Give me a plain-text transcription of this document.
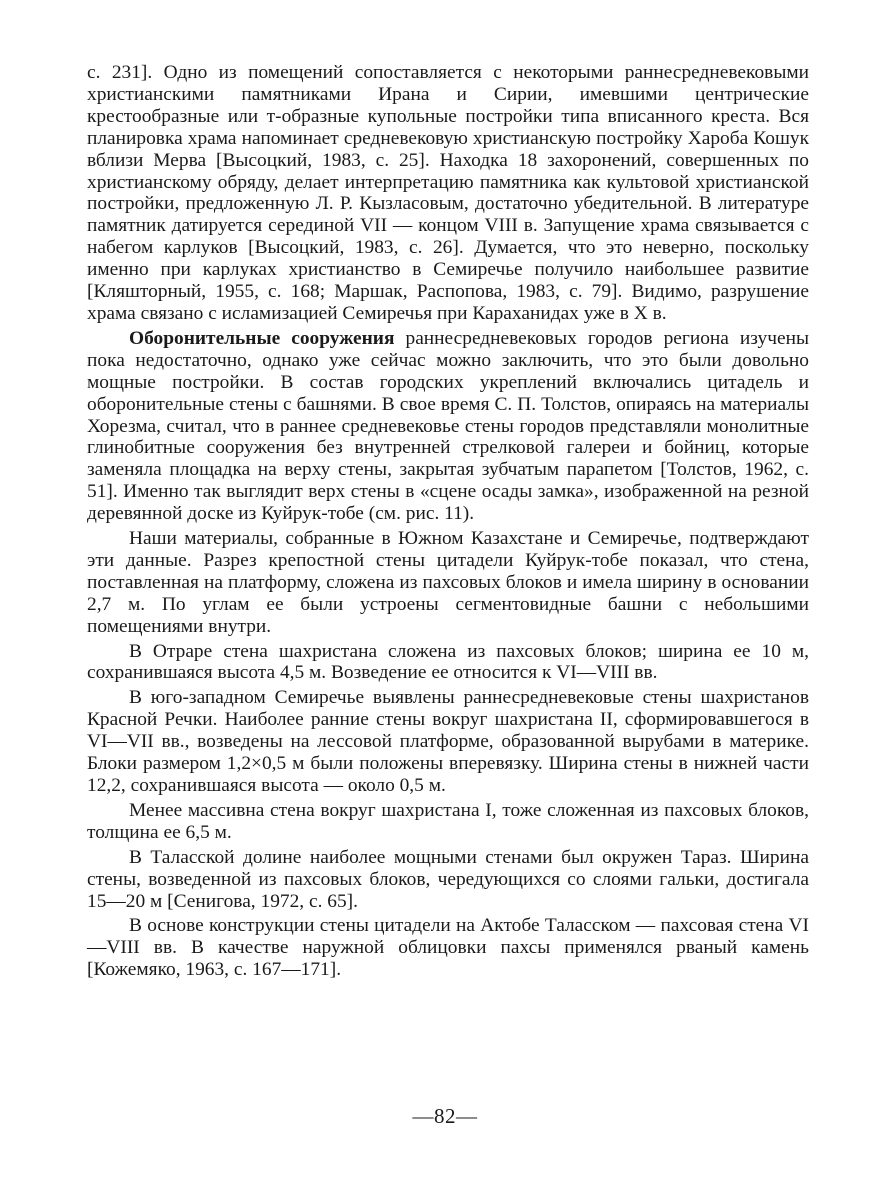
с. 231]. Одно из помещений сопоставляется с некоторыми раннесредневековыми христианскими памятниками Ирана и Сирии, имевшими центрические крестообразные или т-образные купольные постройки типа вписанного креста. Вся планировка храма напоминает средневековую христианскую постройку Хароба Кошук вблизи Мерва [Высоцкий, 1983, с. 25]. Находка 18 захоронений, совершенных по христианскому обряду, делает интерпретацию памятника как культовой христианской постройки, предложенную Л. Р. Кызласовым, достаточно убедительной. В литературе памятник датируется серединой VII — концом VIII в. Запущение храма связывается с набегом карлуков [Высоцкий, 1983, с. 26]. Думается, что это неверно, поскольку именно при карлуках христианство в Семиречье получило наибольшее развитие [Кляшторный, 1955, с. 168; Маршак, Распопова, 1983, с. 79]. Видимо, разрушение храма связано с исламизацией Семиречья при Караханидах уже в X в.

Оборонительные сооружения раннесредневековых городов региона изучены пока недостаточно, однако уже сейчас можно заключить, что это были довольно мощные постройки. В состав городских укреплений включались цитадель и оборонительные стены с башнями. В свое время С. П. Толстов, опираясь на материалы Хорезма, считал, что в раннее средневековье стены городов представляли монолитные глинобитные сооружения без внутренней стрелковой галереи и бойниц, которые заменяла площадка на верху стены, закрытая зубчатым парапетом [Толстов, 1962, с. 51]. Именно так выглядит верх стены в «сцене осады замка», изображенной на резной деревянной доске из Куйрук-тобе (см. рис. 11).

Наши материалы, собранные в Южном Казахстане и Семиречье, подтверждают эти данные. Разрез крепостной стены цитадели Куйрук-тобе показал, что стена, поставленная на платформу, сложена из пахсовых блоков и имела ширину в основании 2,7 м. По углам ее были устроены сегментовидные башни с небольшими помещениями внутри.

В Отраре стена шахристана сложена из пахсовых блоков; ширина ее 10 м, сохранившаяся высота 4,5 м. Возведение ее относится к VI—VIII вв.

В юго-западном Семиречье выявлены раннесредневековые стены шахристанов Красной Речки. Наиболее ранние стены вокруг шахристана II, сформировавшегося в VI—VII вв., возведены на лессовой платформе, образованной вырубами в материке. Блоки размером 1,2×0,5 м были положены вперевязку. Ширина стены в нижней части 12,2, сохранившаяся высота — около 0,5 м.

Менее массивна стена вокруг шахристана I, тоже сложенная из пахсовых блоков, толщина ее 6,5 м.

В Таласской долине наиболее мощными стенами был окружен Тараз. Ширина стены, возведенной из пахсовых блоков, чередующихся со слоями гальки, достигала 15—20 м [Сенигова, 1972, с. 65].

В основе конструкции стены цитадели на Актобе Таласском — пахсовая стена VI—VIII вв. В качестве наружной облицовки пахсы применялся рваный камень [Кожемяко, 1963, с. 167—171].

—82—
